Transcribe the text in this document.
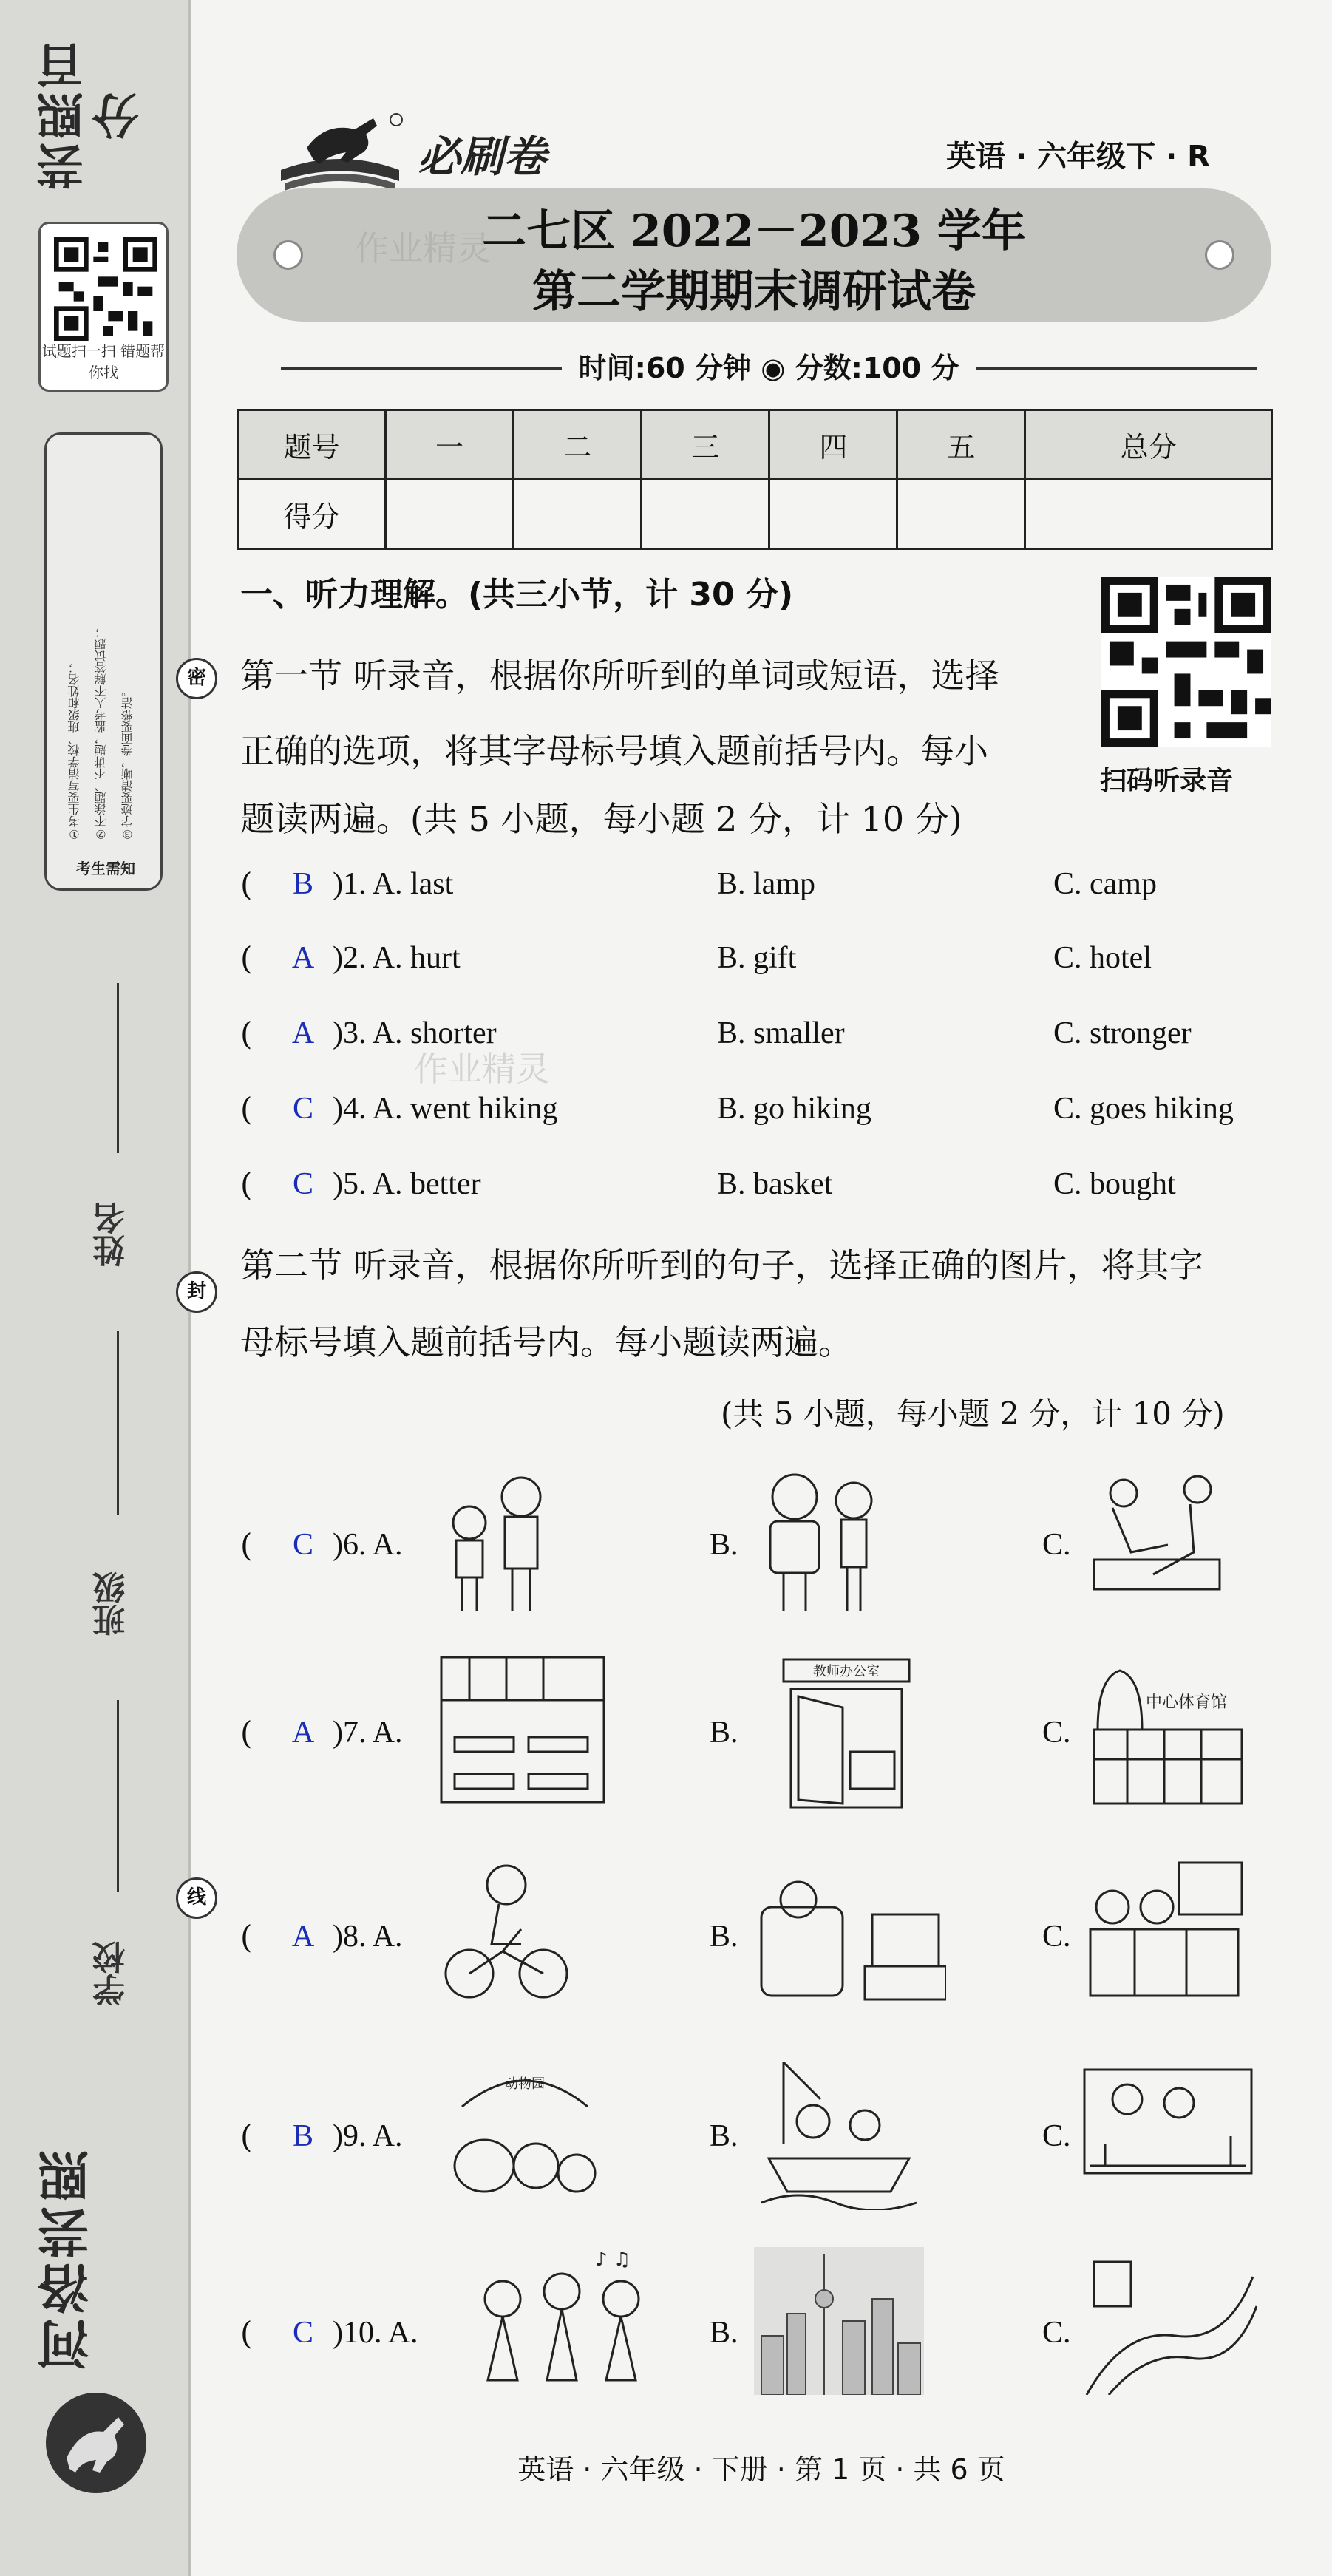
芸熙百分
试题扫一扫 错题帮你找
①考生要写清学校、班级和姓名；	②不涂题、不讲题，监考人不解答试题；	③字迹要清晰，卷面要整洁。
考生需知
姓名
班级
学校
河洛芸熙
密
封
线
必刷卷	英语 · 六年级下 · R
二七区 2022－2023 学年
第二学期期末调研试卷
作业精灵
时间:60 分钟 ◉ 分数:100 分
题号	一	二	三	四	五	总分
得分						
一、听力理解。(共三小节，计 30 分)
扫码听录音
第一节 听录音，根据你所听到的单词或短语，选择
正确的选项，将其字母标号填入题前括号内。每小
题读两遍。(共 5 小题，每小题 2 分，计 10 分)
(	B )1. A. last	B. lamp	C. camp
(	A )2. A. hurt	B. gift	C. hotel
(	A )3. A. shorter	B. smaller	C. stronger
(	C )4. A. went hiking	B. go hiking	C. goes hiking
(	C )5. A. better	B. basket	C. bought
作业精灵
第二节 听录音，根据你所听到的句子，选择正确的图片，将其字
母标号填入题前括号内。每小题读两遍。
(共 5 小题，每小题 2 分，计 10 分)
(	C )6. A.	B.	C.
(	A )7. A.	B.
教师办公室
C.
中心体育馆
(	A )8. A.	B.	C.
(	B )9. A.
动物园
B.	C.
(	C )10. A.
♪ ♫
B.	C.
英语 · 六年级 · 下册 · 第 1 页 · 共 6 页
